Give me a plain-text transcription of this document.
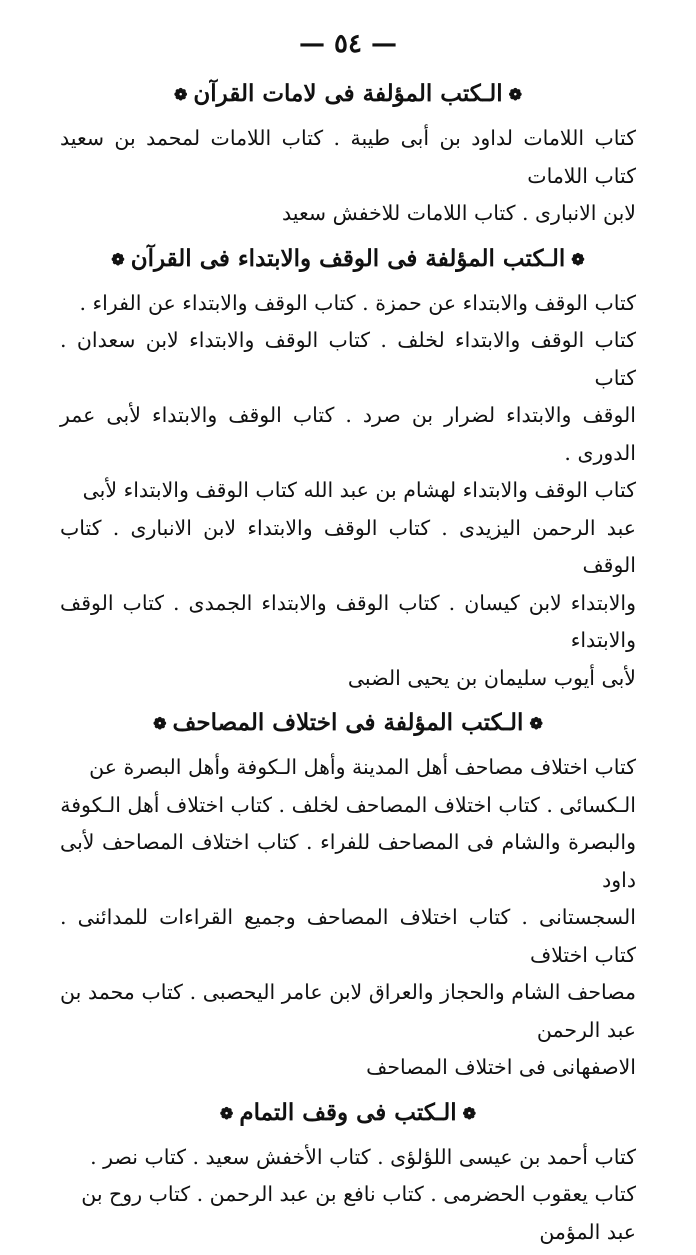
— ٥٤ —
❁الـكتب المؤلفة فى لامات القرآن❁
كتاب اللامات لداود بن أبى طيبة . كتاب اللامات لمحمد بن سعيد كتاب اللامات
لابن الانبارى . كتاب اللامات للاخفش سعيد
❁الـكتب المؤلفة فى الوقف والابتداء فى القرآن❁
كتاب الوقف والابتداء عن حمزة . كتاب الوقف والابتداء عن الفراء .
كتاب الوقف والابتداء لخلف . كتاب الوقف والابتداء لابن سعدان . كتاب
الوقف والابتداء لضرار بن صرد . كتاب الوقف والابتداء لأبى عمر الدورى .
كتاب الوقف والابتداء لهشام بن عبد الله كتاب الوقف والابتداء لأبى
عبد الرحمن اليزيدى . كتاب الوقف والابتداء لابن الانبارى . كتاب الوقف
والابتداء لابن كيسان . كتاب الوقف والابتداء الجمدى . كتاب الوقف والابتداء
لأبى أيوب سليمان بن يحيى الضبى
❁الـكتب المؤلفة فى اختلاف المصاحف❁
كتاب اختلاف مصاحف أهل المدينة وأهل الـكوفة وأهل البصرة عن
الـكسائى . كتاب اختلاف المصاحف لخلف . كتاب اختلاف أهل الـكوفة
والبصرة والشام فى المصاحف للفراء . كتاب اختلاف المصاحف لأبى داود
السجستانى . كتاب اختلاف المصاحف وجميع القراءات للمدائنى . كتاب اختلاف
مصاحف الشام والحجاز والعراق لابن عامر اليحصبى . كتاب محمد بن عبد الرحمن
الاصفهانى فى اختلاف المصاحف
❁الـكتب فى وقف التمام❁
كتاب أحمد بن عيسى اللؤلؤى . كتاب الأخفش سعيد . كتاب نصر .
كتاب يعقوب الحضرمى . كتاب نافع بن عبد الرحمن . كتاب روح بن
عبد المؤمن
